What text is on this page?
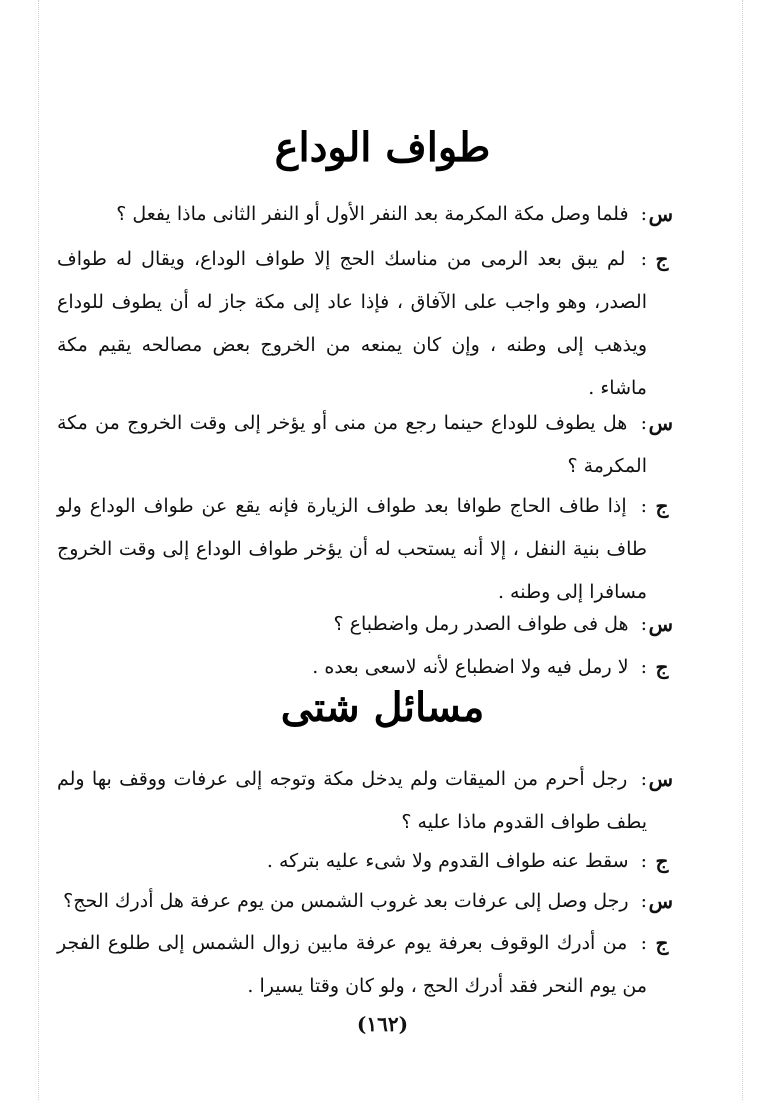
طواف الوداع
س
: فلما وصل مكة المكرمة بعد النفر الأول أو النفر الثانى ماذا يفعل ؟
ج
: لم يبق بعد الرمى من مناسك الحج إلا طواف الوداع، ويقال له طواف الصدر، وهو واجب على الآفاق ، فإذا عاد إلى مكة جاز له أن يطوف للوداع ويذهب إلى وطنه ، وإن كان يمنعه من الخروج بعض مصالحه يقيم مكة ماشاء .
س
: هل يطوف للوداع حينما رجع من منى أو يؤخر إلى وقت الخروج من مكة المكرمة ؟
ج
: إذا طاف الحاج طوافا بعد طواف الزيارة فإنه يقع عن طواف الوداع ولو طاف بنية النفل ، إلا أنه يستحب له أن يؤخر طواف الوداع إلى وقت الخروج مسافرا إلى وطنه .
س
: هل فى طواف الصدر رمل واضطباع ؟
ج
: لا رمل فيه ولا اضطباع لأنه لاسعى بعده .
مسائل شتى
س
: رجل أحرم من الميقات ولم يدخل مكة وتوجه إلى عرفات ووقف بها ولم يطف طواف القدوم ماذا عليه ؟
ج
: سقط عنه طواف القدوم ولا شىء عليه بتركه .
س
: رجل وصل إلى عرفات بعد غروب الشمس من يوم عرفة هل أدرك الحج؟
ج
: من أدرك الوقوف بعرفة يوم عرفة مابين زوال الشمس إلى طلوع الفجر من يوم النحر فقد أدرك الحج ، ولو كان وقتا يسيرا .
(١٦٢)
